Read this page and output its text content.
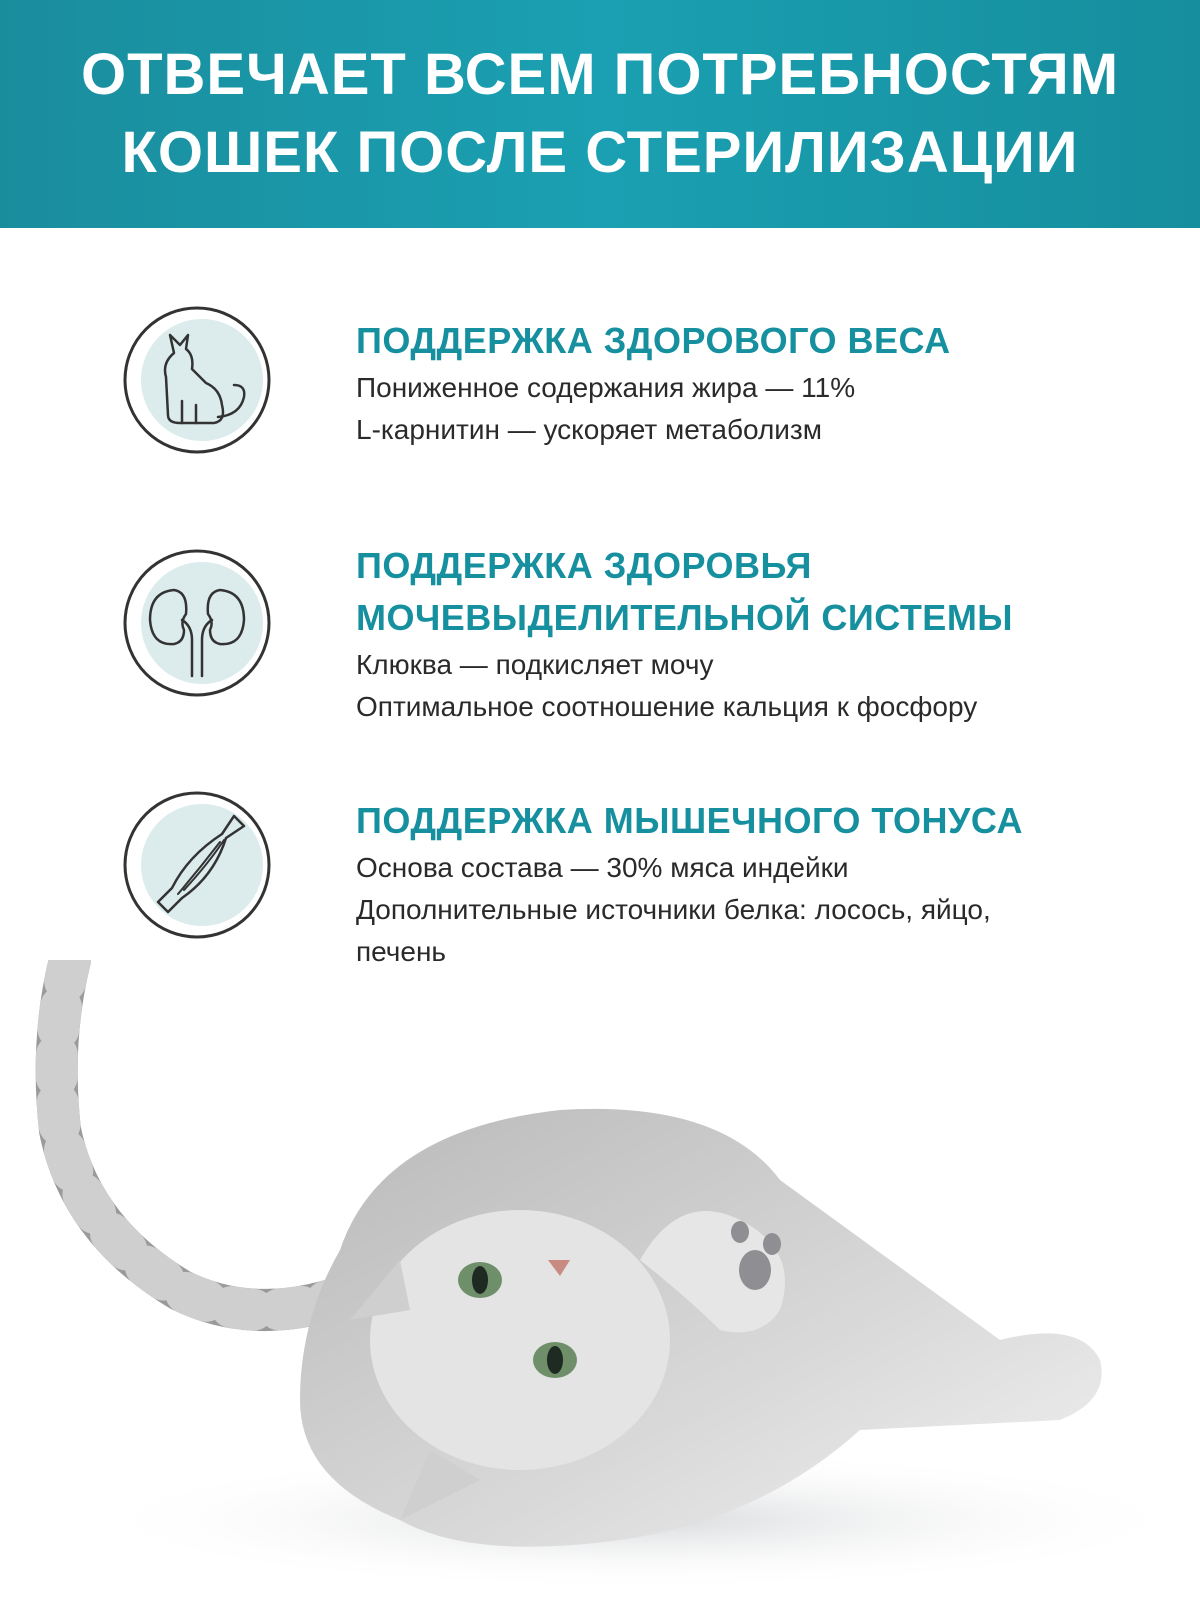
ОТВЕЧАЕТ ВСЕМ ПОТРЕБНОСТЯМ
КОШЕК ПОСЛЕ СТЕРИЛИЗАЦИИ
ПОДДЕРЖКА ЗДОРОВОГО ВЕСА
Пониженное содержания жира — 11%
L-карнитин — ускоряет метаболизм
ПОДДЕРЖКА ЗДОРОВЬЯ
МОЧЕВЫДЕЛИТЕЛЬНОЙ СИСТЕМЫ
Клюква — подкисляет мочу
Оптимальное соотношение кальция к фосфору
ПОДДЕРЖКА МЫШЕЧНОГО ТОНУСА
Основа состава — 30% мяса индейки
Дополнительные источники белка: лосось, яйцо,
печень
